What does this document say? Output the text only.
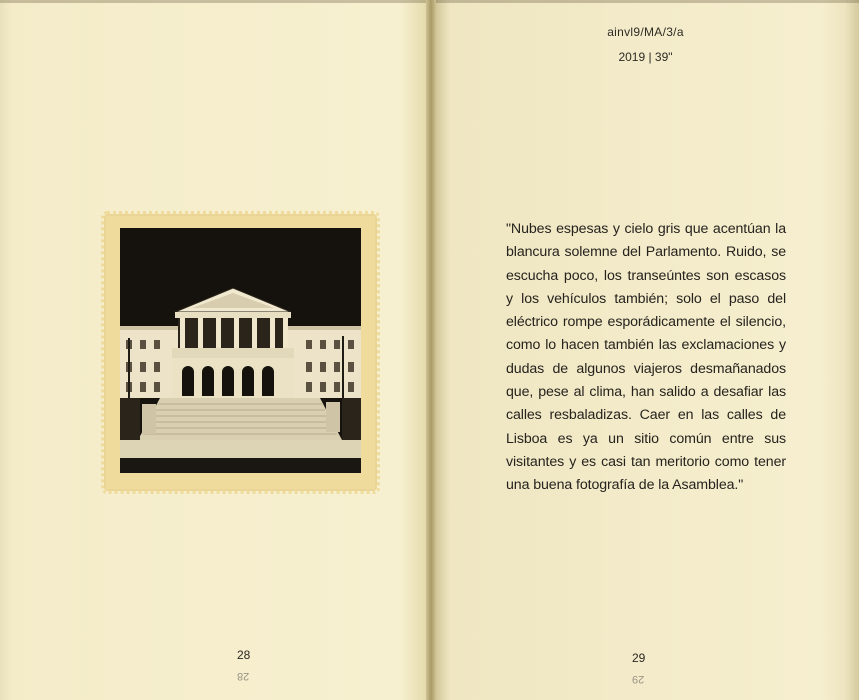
28
28
ainvl9/MA/3/a
2019 | 39"
"Nubes espesas y cielo gris que acentúan la blancura solemne del Parlamento. Ruido, se escucha poco, los transeúntes son escasos y los vehículos también; solo el paso del eléctrico rompe esporádicamente el silencio, como lo hacen también las exclamaciones y dudas de algunos viajeros desmañanados que, pese al clima, han salido a desafiar las calles resbaladizas. Caer en las calles de Lisboa es ya un sitio común entre sus visitantes y es casi tan meritorio como tener una buena fotografía de la Asamblea."
29
29
